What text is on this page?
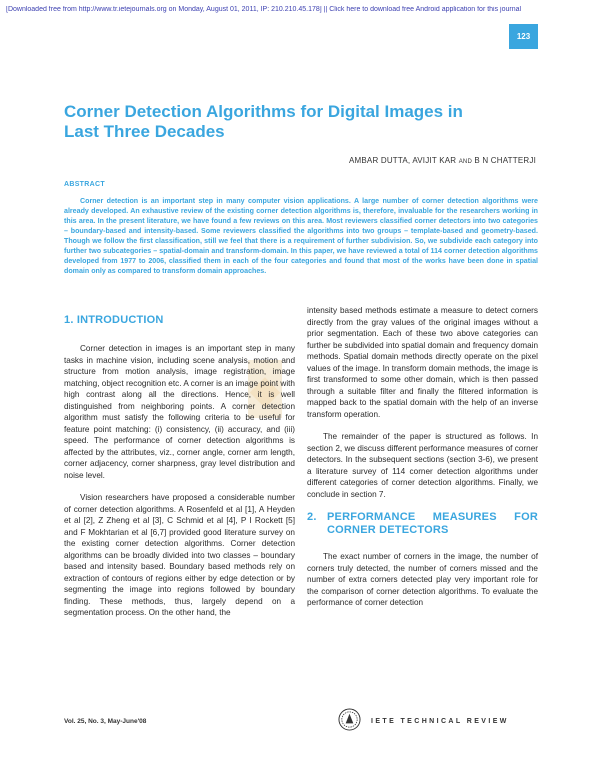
[Downloaded free from http://www.tr.ietejournals.org on Monday, August 01, 2011, IP: 210.210.45.178] || Click here to download free Android application for this journal
123
Corner Detection Algorithms for Digital Images in Last Three Decades
AMBAR DUTTA, AVIJIT KAR AND B N CHATTERJI
ABSTRACT
Corner detection is an important step in many computer vision applications. A large number of corner detection algorithms were already developed. An exhaustive review of the existing corner detection algorithms is, therefore, invaluable for the researchers working in this area. In the present literature, we have found a few reviews on this area. Most reviewers classified corner detectors into two categories – boundary-based and intensity-based. Some reviewers classified the algorithms into two groups – template-based and geometry-based. Though we follow the first classification, still we feel that there is a requirement of further subdivision. So, we subdivide each category into further two subcategories – spatial-domain and transform-domain. In this paper, we have reviewed a total of 114 corner detection algorithms developed from 1977 to 2006, classified them in each of the four categories and found that most of the works have been done in spatial domain only as compared to transform domain approaches.
◆
1. INTRODUCTION

Corner detection in images is an important step in many tasks in machine vision, including scene analysis, motion and structure from motion analysis, image registration, image matching, object recognition etc. A corner is an image point with high contrast along all the directions. Hence, it is well distinguished from neighboring points. A corner detection algorithm must satisfy the following criteria to be useful for feature point matching: (i) consistency, (ii) accuracy, and (iii) speed. The performance of corner detection algorithms is affected by the attributes, viz., corner angle, corner arm length, corner adjacency, corner sharpness, gray level distribution and noise level.

Vision researchers have proposed a considerable number of corner detection algorithms. A Rosenfeld et al [1], A Heyden et al [2], Z Zheng et al [3], C Schmid et al [4], P I Rockett [5] and F Mokhtarian et al [6,7] provided good literature survey on the existing corner detection algorithms. Corner detection algorithms can be broadly divided into two classes – boundary based and intensity based. Boundary based methods rely on extraction of contours of regions either by edge detection or by segmenting the image into regions followed by boundary finding. These methods, thus, largely depend on a segmentation process. On the other hand, the

intensity based methods estimate a measure to detect corners directly from the gray values of the original images without a prior segmentation. Each of these two above categories can further be subdivided into spatial domain and frequency domain methods. Spatial domain methods directly operate on the pixel values of the image. In transform domain methods, the image is first transformed to some other domain, which is then passed through a suitable filter and finally the filtered information is mapped back to the spatial domain with the help of an inverse transform operation.

The remainder of the paper is structured as follows. In section 2, we discuss different performance measures of corner detectors. In the subsequent sections (section 3-6), we present a literature survey of 114 corner detection algorithms under different categories of corner detection algorithms. Finally, we conclude in section 7.

2. PERFORMANCE MEASURES FOR CORNER DETECTORS

The exact number of corners in the image, the number of corners truly detected, the number of corners missed and the number of extra corners detected play very important role for the comparison of corner detection algorithms. To evaluate the performance of corner detection

Vol. 25, No. 3, May-June'08	IETE TECHNICAL REVIEW
